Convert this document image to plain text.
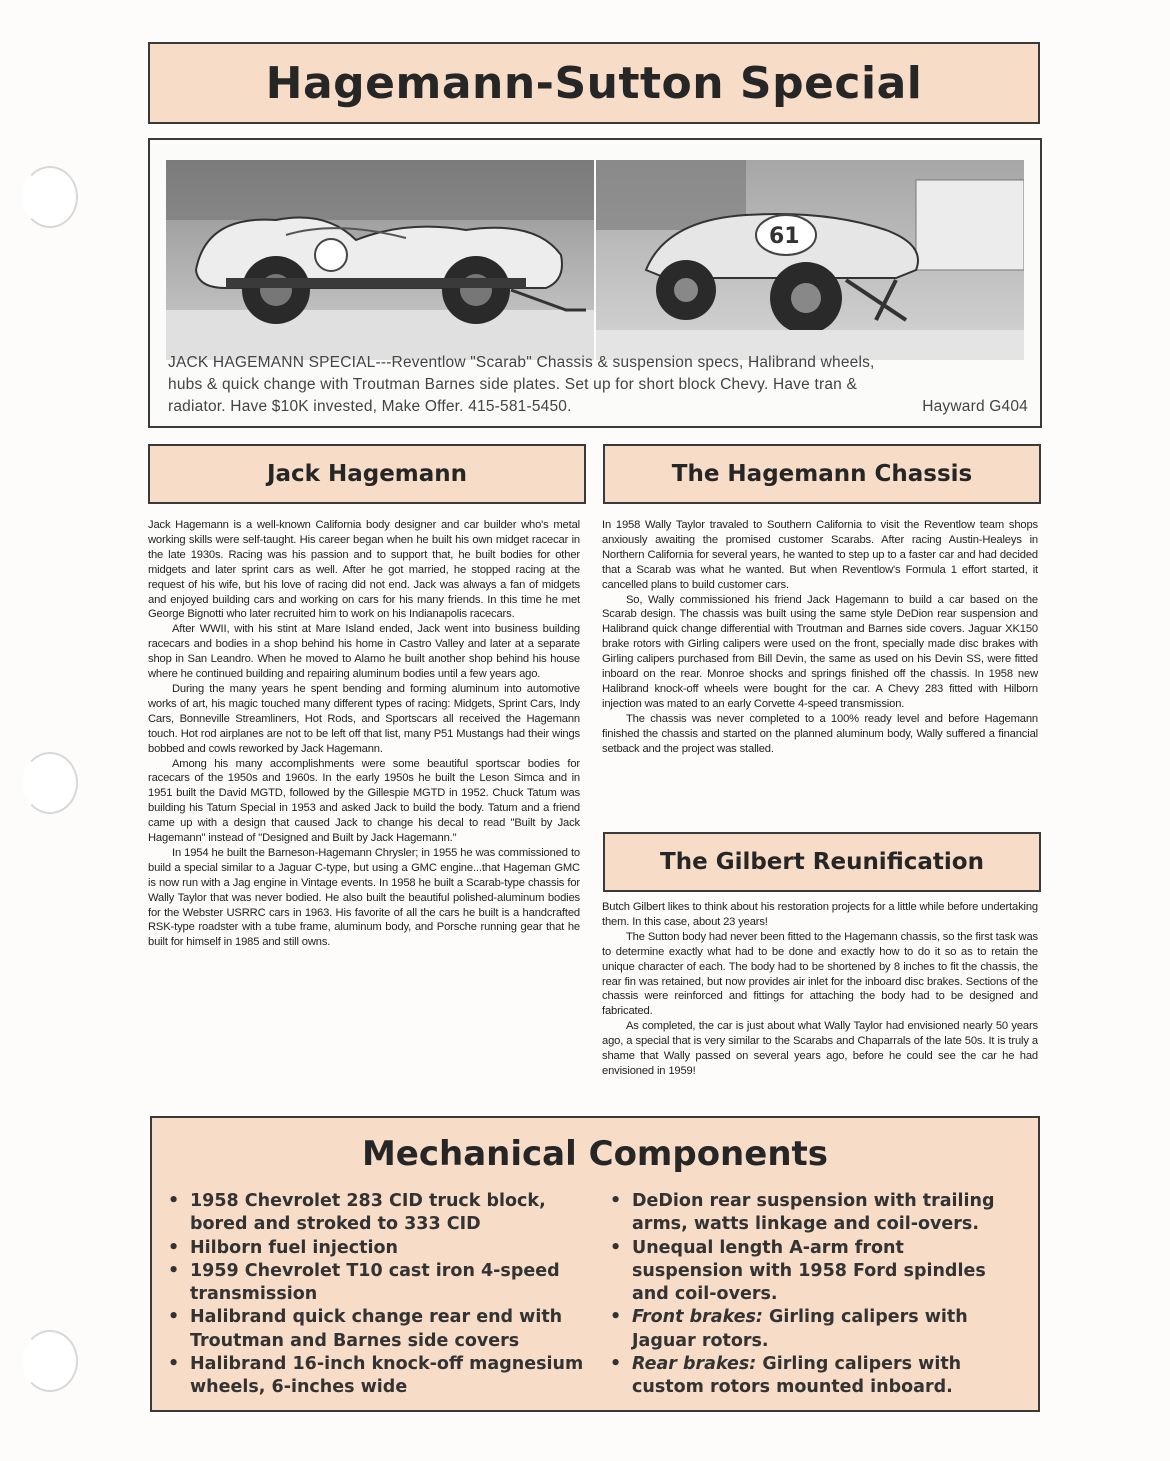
Hagemann-Sutton Special
61
JACK HAGEMANN SPECIAL---Reventlow "Scarab" Chassis & suspension specs, Halibrand wheels,
hubs & quick change with Troutman Barnes side plates. Set up for short block Chevy. Have tran &
radiator. Have $10K invested, Make Offer. 415-581-5450.	Hayward G404
Jack Hagemann	The Hagemann Chassis
The Gilbert Reunification

Jack Hagemann is a well-known California body designer and car builder who's metal working skills were self-taught. His career began when he built his own midget racecar in the late 1930s. Racing was his passion and to support that, he built bodies for other midgets and later sprint cars as well. After he got married, he stopped racing at the request of his wife, but his love of racing did not end. Jack was always a fan of midgets and enjoyed building cars and working on cars for his many friends. In this time he met George Bignotti who later recruited him to work on his Indianapolis racecars.

After WWII, with his stint at Mare Island ended, Jack went into business building racecars and bodies in a shop behind his home in Castro Valley and later at a separate shop in San Leandro. When he moved to Alamo he built another shop behind his house where he continued building and repairing aluminum bodies until a few years ago.

During the many years he spent bending and forming aluminum into automotive works of art, his magic touched many different types of racing: Midgets, Sprint Cars, Indy Cars, Bonneville Streamliners, Hot Rods, and Sportscars all received the Hagemann touch. Hot rod airplanes are not to be left off that list, many P51 Mustangs had their wings bobbed and cowls reworked by Jack Hagemann.

Among his many accomplishments were some beautiful sportscar bodies for racecars of the 1950s and 1960s. In the early 1950s he built the Leson Simca and in 1951 built the David MGTD, followed by the Gillespie MGTD in 1952. Chuck Tatum was building his Tatum Special in 1953 and asked Jack to build the body. Tatum and a friend came up with a design that caused Jack to change his decal to read "Built by Jack Hagemann" instead of "Designed and Built by Jack Hagemann."

In 1954 he built the Barneson-Hagemann Chrysler; in 1955 he was commissioned to build a special similar to a Jaguar C-type, but using a GMC engine...that Hageman GMC is now run with a Jag engine in Vintage events. In 1958 he built a Scarab-type chassis for Wally Taylor that was never bodied. He also built the beautiful polished-aluminum bodies for the Webster USRRC cars in 1963. His favorite of all the cars he built is a handcrafted RSK-type roadster with a tube frame, aluminum body, and Porsche running gear that he built for himself in 1985 and still owns.

In 1958 Wally Taylor travaled to Southern California to visit the Reventlow team shops anxiously awaiting the promised customer Scarabs. After racing Austin-Healeys in Northern California for several years, he wanted to step up to a faster car and had decided that a Scarab was what he wanted. But when Reventlow's Formula 1 effort started, it cancelled plans to build customer cars.

So, Wally commissioned his friend Jack Hagemann to build a car based on the Scarab design. The chassis was built using the same style DeDion rear suspension and Halibrand quick change differential with Troutman and Barnes side covers. Jaguar XK150 brake rotors with Girling calipers were used on the front, specially made disc brakes with Girling calipers purchased from Bill Devin, the same as used on his Devin SS, were fitted inboard on the rear. Monroe shocks and springs finished off the chassis. In 1958 new Halibrand knock-off wheels were bought for the car. A Chevy 283 fitted with Hilborn injection was mated to an early Corvette 4-speed transmission.

The chassis was never completed to a 100% ready level and before Hagemann finished the chassis and started on the planned aluminum body, Wally suffered a financial setback and the project was stalled.

Butch Gilbert likes to think about his restoration projects for a little while before undertaking them. In this case, about 23 years!

The Sutton body had never been fitted to the Hagemann chassis, so the first task was to determine exactly what had to be done and exactly how to do it so as to retain the unique character of each. The body had to be shortened by 8 inches to fit the chassis, the rear fin was retained, but now provides air inlet for the inboard disc brakes. Sections of the chassis were reinforced and fittings for attaching the body had to be designed and fabricated.

As completed, the car is just about what Wally Taylor had envisioned nearly 50 years ago, a special that is very similar to the Scarabs and Chaparrals of the late 50s. It is truly a shame that Wally passed on several years ago, before he could see the car he had envisioned in 1959!

Mechanical Components
• 1958 Chevrolet 283 CID truck block, bored and stroked to 333 CID
• Hilborn fuel injection
• 1959 Chevrolet T10 cast iron 4-speed transmission
• Halibrand quick change rear end with Troutman and Barnes side covers
• Halibrand 16-inch knock-off magnesium wheels, 6-inches wide
• DeDion rear suspension with trailing arms, watts linkage and coil-overs.
• Unequal length A-arm front suspension with 1958 Ford spindles and coil-overs.
• Front brakes: Girling calipers with Jaguar rotors.
• Rear brakes: Girling calipers with custom rotors mounted inboard.
